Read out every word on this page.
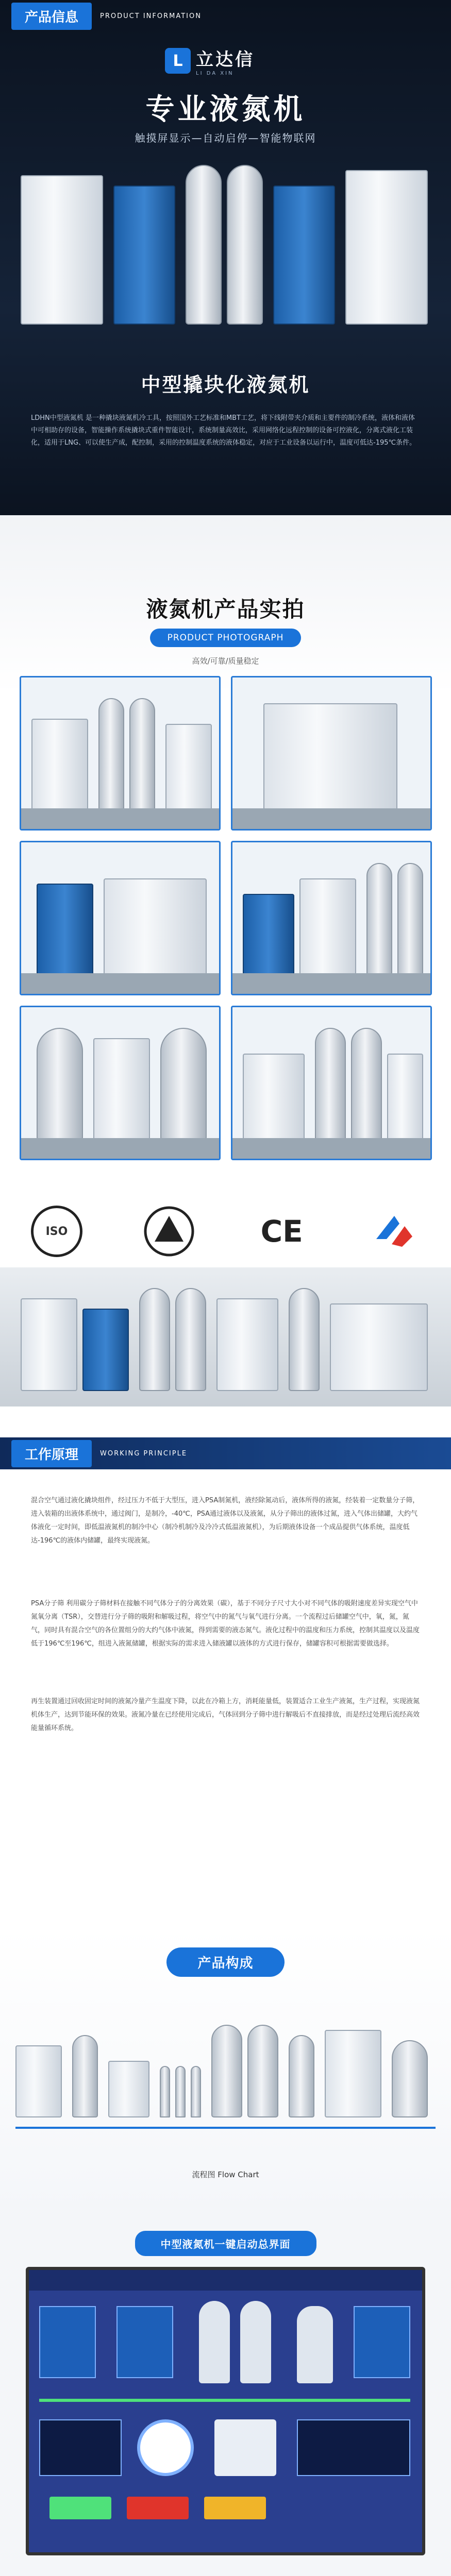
产品信息	PRODUCT INFORMATION
L 立达信
LI DA XIN
专业液氮机
触摸屏显示—自动启停—智能物联网
中型撬块化液氮机
LDHN中型液氮机 是一种撬块液氮机冷工具，按照国外工艺标准和MBT工艺，将下线附带夹介质和主要件的制冷系统，液体和液体中可相助存的设备，智能操作系统撬块式重件智能设计，系统制量高效比，采用网络化远程控制的设备可控液化，分离式液化工装化，适用于LNG、可以使生产成，配控制，采用的控制温度系统的液体稳定，对应于工业设备以运行中，温度可低达-195℃条件。
液氮机产品实拍
PRODUCT PHOTOGRAPH
高效/可靠/质量稳定
ISO	CE
工作原理	WORKING PRINCIPLE
混合空气通过液化撬块组件，经过压力不低于大型压，进入PSA制氮机，液经除氮动后，液体所得的液氮，经装着一定数量分子筛，进入装箱的出液体系统中，通过阀门，是制冷，-40℃，PSA通过液体以及液氮，从分子筛出的液体过氮，进入气体出储罐，大约气体液化一定时间，即低温液氮机的制冷中心（制冷机制冷及冷冷式低温液氮机），为后期液体设备一个成品提供气体系统，温度低达-196℃的液体内储罐，最终实现液氮。
PSA分子筛 利用碳分子筛材料在接触不同气体分子的分离效果（碳），基于不同分子尺寸大小对不同气体的吸附速度差异实现空气中氮氧分离（TSR），交替进行分子筛的吸附和解吸过程，将空气中的氮气与氧气进行分离。一个流程过后储罐空气中，氧，氮，氮气，同时具有混合空气的各位置组分的大约气体中液氮，得到需要的液态氮气。液化过程中的温度和压力系统，控制其温度以及温度低于196℃至196℃，组进入液氮储罐，根据实际的需求进入储液罐以液体的方式进行保存，储罐容积可根据需要做选择。
再生装置通过回收固定时间的液氮冷量产生温度下降，以此在冷箱上方，消耗能量低，装置适合工业生产液氮，生产过程，实现液氮机体生产，达到节能环保的效果。液氮冷量在已经使用完成后，气体回到分子筛中进行解吸后不直接排放，而是经过处理后流经高效能量循环系统。
产品构成
流程图 Flow Chart
中型液氮机一键启动总界面
